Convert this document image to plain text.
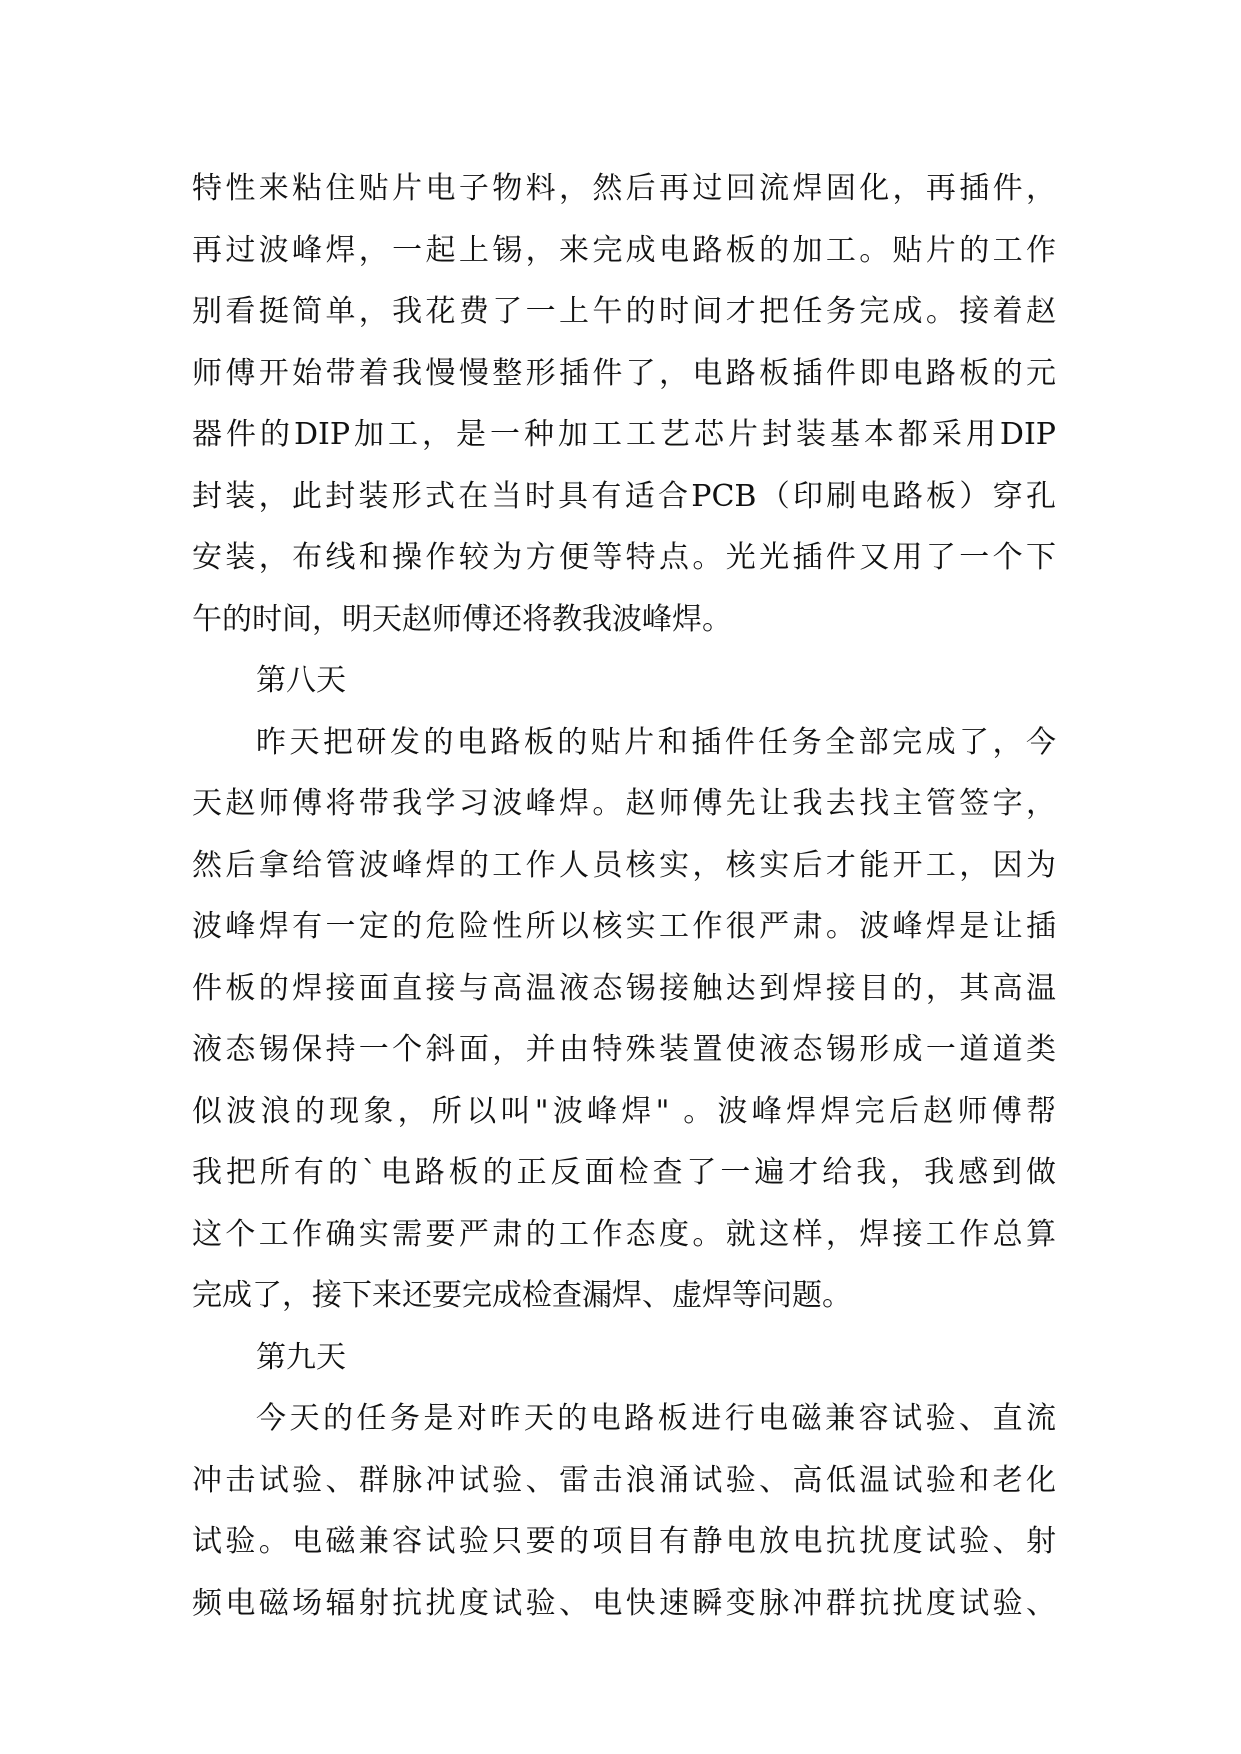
特性来粘住贴片电子物料，然后再过回流焊固化，再插件，
再过波峰焊，一起上锡，来完成电路板的加工。贴片的工作
别看挺简单，我花费了一上午的时间才把任务完成。接着赵
师傅开始带着我慢慢整形插件了，电路板插件即电路板的元
器件的DIP加工，是一种加工工艺芯片封装基本都采用DIP
封装，此封装形式在当时具有适合PCB（印刷电路板）穿孔
安装，布线和操作较为方便等特点。光光插件又用了一个下
午的时间，明天赵师傅还将教我波峰焊。
第八天
昨天把研发的电路板的贴片和插件任务全部完成了，今
天赵师傅将带我学习波峰焊。赵师傅先让我去找主管签字，
然后拿给管波峰焊的工作人员核实，核实后才能开工，因为
波峰焊有一定的危险性所以核实工作很严肃。波峰焊是让插
件板的焊接面直接与高温液态锡接触达到焊接目的，其高温
液态锡保持一个斜面，并由特殊装置使液态锡形成一道道类
似波浪的现象，所以叫"波峰焊" 。波峰焊焊完后赵师傅帮
我把所有的`电路板的正反面检查了一遍才给我，我感到做
这个工作确实需要严肃的工作态度。就这样，焊接工作总算
完成了，接下来还要完成检查漏焊、虚焊等问题。
第九天
今天的任务是对昨天的电路板进行电磁兼容试验、直流
冲击试验、群脉冲试验、雷击浪涌试验、高低温试验和老化
试验。电磁兼容试验只要的项目有静电放电抗扰度试验、射
频电磁场辐射抗扰度试验、电快速瞬变脉冲群抗扰度试验、
